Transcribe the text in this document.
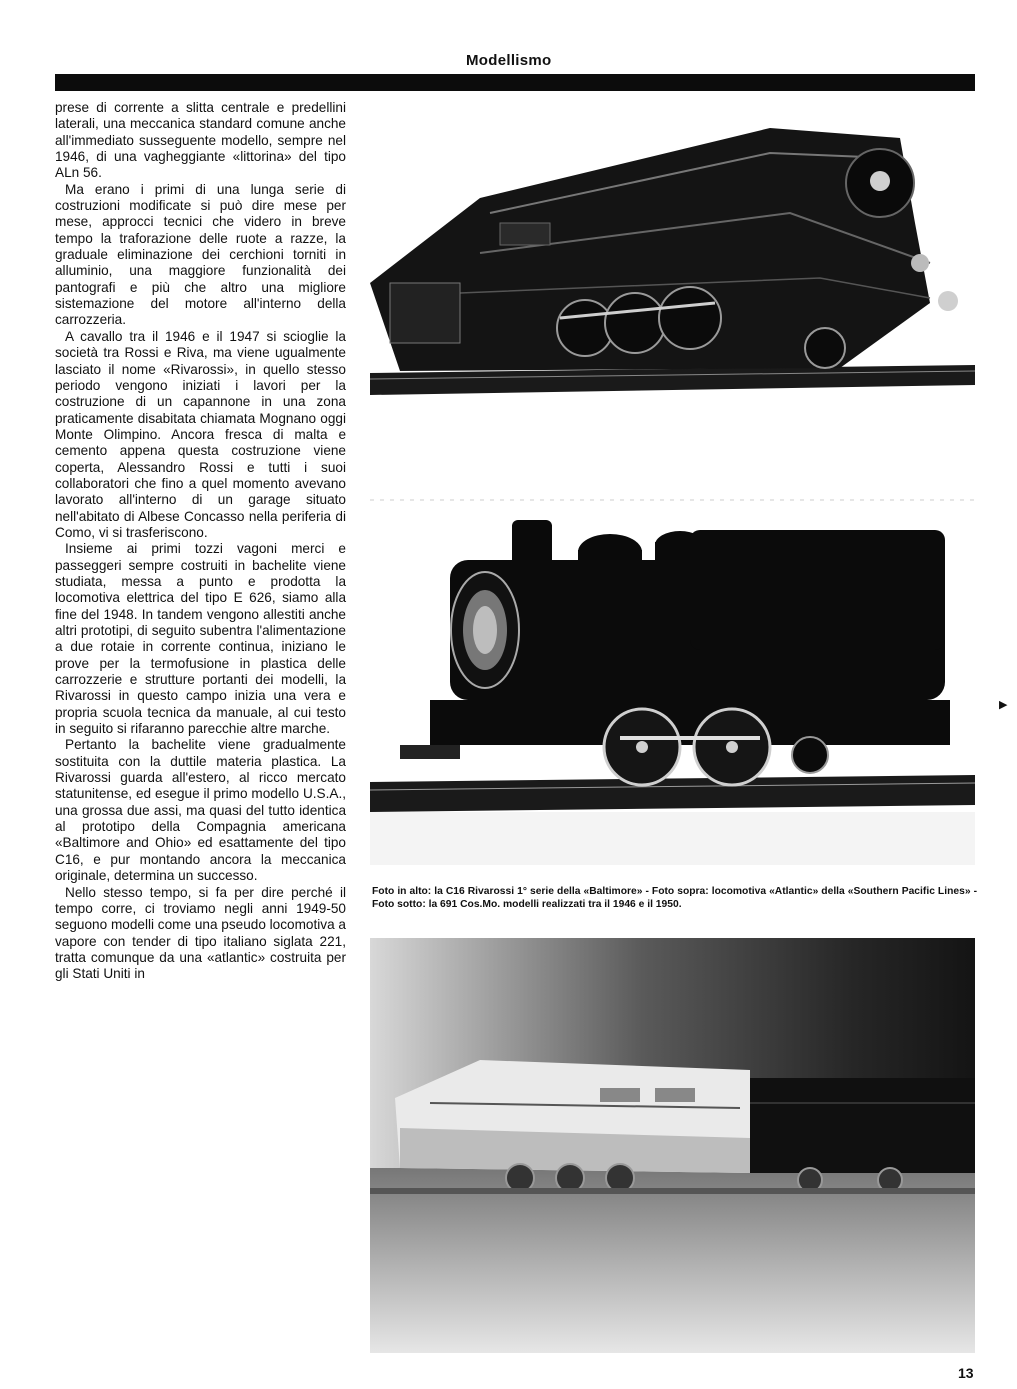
Modellismo

prese di corrente a slitta centrale e predellini laterali, una meccanica standard comune anche all'immediato susseguente modello, sempre nel 1946, di una vagheggiante «littorina» del tipo ALn 56.

Ma erano i primi di una lunga serie di costruzioni modificate si può dire mese per mese, approcci tecnici che videro in breve tempo la traforazione delle ruote a razze, la graduale eliminazione dei cerchioni torniti in alluminio, una maggiore funzionalità dei pantografi e più che altro una migliore sistemazione del motore all'interno della carrozzeria.

A cavallo tra il 1946 e il 1947 si scioglie la società tra Rossi e Riva, ma viene ugualmente lasciato il nome «Rivarossi», in quello stesso periodo vengono iniziati i lavori per la costruzione di un capannone in una zona praticamente disabitata chiamata Mognano oggi Monte Olimpino. Ancora fresca di malta e cemento appena questa costruzione viene coperta, Alessandro Rossi e tutti i suoi collaboratori che fino a quel momento avevano lavorato all'interno di un garage situato nell'abitato di Albese Concasso nella periferia di Como, vi si trasferiscono.

Insieme ai primi tozzi vagoni merci e passeggeri sempre costruiti in bachelite viene studiata, messa a punto e prodotta la locomotiva elettrica del tipo E 626, siamo alla fine del 1948. In tandem vengono allestiti anche altri prototipi, di seguito subentra l'alimentazione a due rotaie in corrente continua, iniziano le prove per la termofusione in plastica delle carrozzerie e strutture portanti dei modelli, la Rivarossi in questo campo inizia una vera e propria scuola tecnica da manuale, al cui testo in seguito si rifaranno parecchie altre marche.

Pertanto la bachelite viene gradualmente sostituita con la duttile materia plastica. La Rivarossi guarda all'estero, al ricco mercato statunitense, ed esegue il primo modello U.S.A., una grossa due assi, ma quasi del tutto identica al prototipo della Compagnia americana «Baltimore and Ohio» ed esattamente del tipo C16, e pur montando ancora la meccanica originale, determina un successo.

Nello stesso tempo, si fa per dire perché il tempo corre, ci troviamo negli anni 1949-50 seguono modelli come una pseudo locomotiva a vapore con tender di tipo italiano siglata 221, tratta comunque da una «atlantic» costruita per gli Stati Uniti in

Foto in alto: la C16 Rivarossi 1° serie della «Baltimore» - Foto sopra: locomotiva «Atlantic» della «Southern Pacific Lines» - Foto sotto: la 691 Cos.Mo. modelli realizzati tra il 1946 e il 1950.
▶
13
